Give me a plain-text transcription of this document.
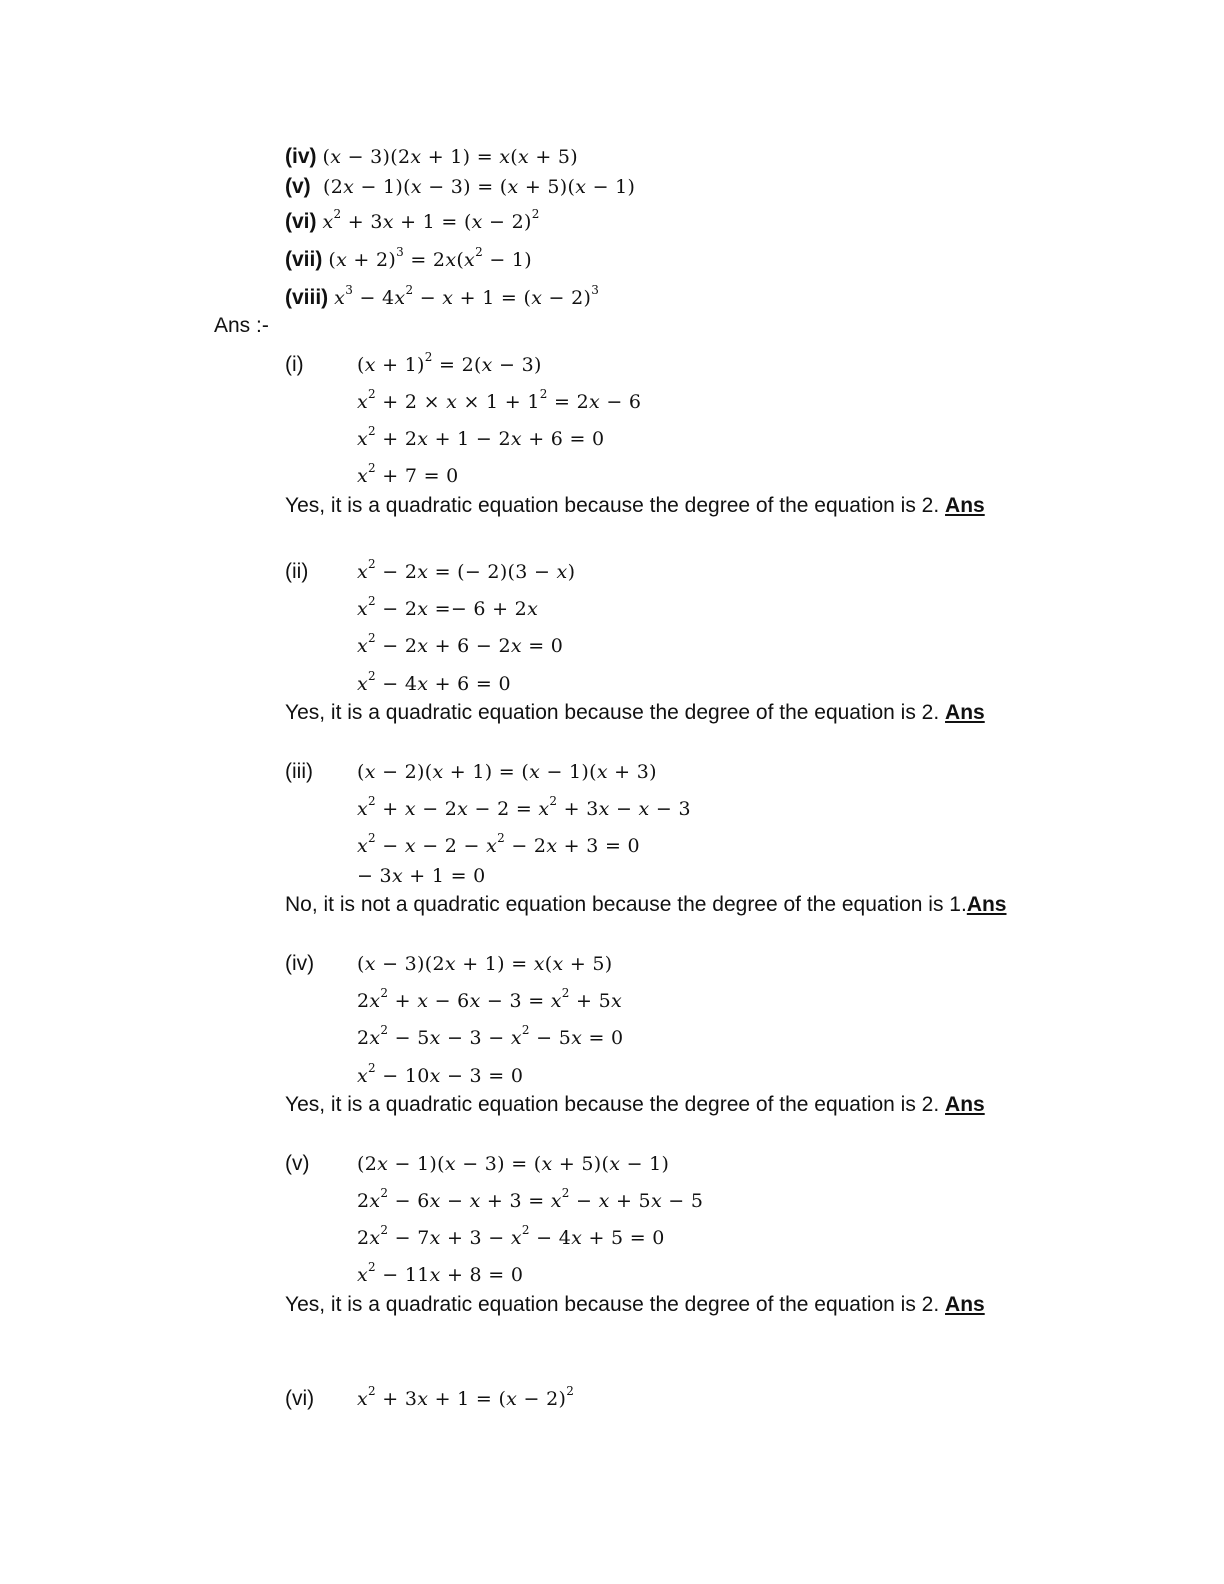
(iv) (x − 3)(2x + 1) = x(x + 5)
(v) (2x − 1)(x − 3) = (x + 5)(x − 1)
(vi) $x^2 + 3x + 1 = (x - 2)^2$
(vii) $(x + 2)^3 = 2x(x^2 - 1)$
(viii) $x^3 - 4x^2 - x + 1 = (x - 2)^3$
Ans :-
(i)	$(x + 1)^2 = 2(x - 3)$
$x^2 + 2 \times x \times 1 + 1^2 = 2x - 6$
$x^2 + 2x + 1 - 2x + 6 = 0$
$x^2 + 7 = 0$
Yes, it is a quadratic equation because the degree of the equation is 2. Ans
(ii)	$x^2 - 2x$ = (− 2)(3 − x)
$x^2 - 2x =- 6 + 2x$
$x^2 - 2x + 6 - 2x = 0$
$x^2 - 4x + 6 = 0$
Yes, it is a quadratic equation because the degree of the equation is 2. Ans
(iii) (x − 2)(x + 1) = (x − 1)(x + 3)
$x^2 + x - 2x - 2 = x^2 + 3x - x - 3$
$x^2 - x - 2 - x^2 - 2x + 3 = 0$
− 3x + 1 = 0
No, it is not a quadratic equation because the degree of the equation is 1.Ans
(iv) (x − 3)(2x + 1) = x(x + 5)
$2x^2 + x - 6x - 3 = x^2 + 5x$
$2x^2 - 5x - 3 - x^2 - 5x = 0$
$x^2 - 10x - 3 = 0$
Yes, it is a quadratic equation because the degree of the equation is 2. Ans
(v)	(2x − 1)(x − 3) = (x + 5)(x − 1)
$2x^2 - 6x - x + 3 = x^2 - x + 5x - 5$
$2x^2 - 7x + 3 - x^2 - 4x + 5 = 0$
$x^2 - 11x + 8 = 0$
Yes, it is a quadratic equation because the degree of the equation is 2. Ans
(vi) $x^2 + 3x + 1 = (x - 2)^2$
